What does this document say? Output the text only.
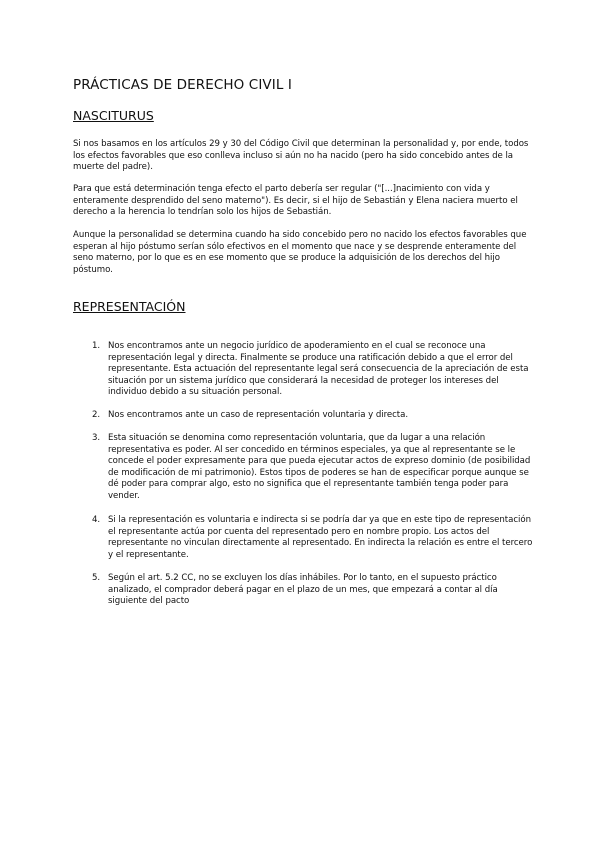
PRÁCTICAS DE DERECHO CIVIL I
NASCITURUS

Si nos basamos en los artículos 29 y 30 del Código Civil que determinan la personalidad y, por ende, todos los efectos favorables que eso conlleva incluso si aún no ha nacido (pero ha sido concebido antes de la muerte del padre).

Para que está determinación tenga efecto el parto debería ser regular ("[...]nacimiento con vida y enteramente desprendido del seno materno"). Es decir, si el hijo de Sebastián y Elena naciera muerto el derecho a la herencia lo tendrían solo los hijos de Sebastián.

Aunque la personalidad se determina cuando ha sido concebido pero no nacido los efectos favorables que esperan al hijo póstumo serían sólo efectivos en el momento que nace y se desprende enteramente del seno materno, por lo que es en ese momento que se produce la adquisición de los derechos del hijo póstumo.

REPRESENTACIÓN
1. Nos encontramos ante un negocio jurídico de apoderamiento en el cual se reconoce una representación legal y directa. Finalmente se produce una ratificación debido a que el error del representante. Esta actuación del representante legal será consecuencia de la apreciación de esta situación por un sistema jurídico que considerará la necesidad de proteger los intereses del individuo debido a su situación personal.
2. Nos encontramos ante un caso de representación voluntaria y directa.
3. Esta situación se denomina como representación voluntaria, que da lugar a una relación representativa es poder. Al ser concedido en términos especiales, ya que al representante se le concede el poder expresamente para que pueda ejecutar actos de expreso dominio (de posibilidad de modificación de mi patrimonio). Estos tipos de poderes se han de especificar porque aunque se dé poder para comprar algo, esto no significa que el representante también tenga poder para vender.
4. Si la representación es voluntaria e indirecta si se podría dar ya que en este tipo de representación el representante actúa por cuenta del representado pero en nombre propio. Los actos del representante no vinculan directamente al representado. En indirecta la relación es entre el tercero y el representante.
5. Según el art. 5.2 CC, no se excluyen los días inhábiles. Por lo tanto, en el supuesto práctico analizado, el comprador deberá pagar en el plazo de un mes, que empezará a contar al día siguiente del pacto
